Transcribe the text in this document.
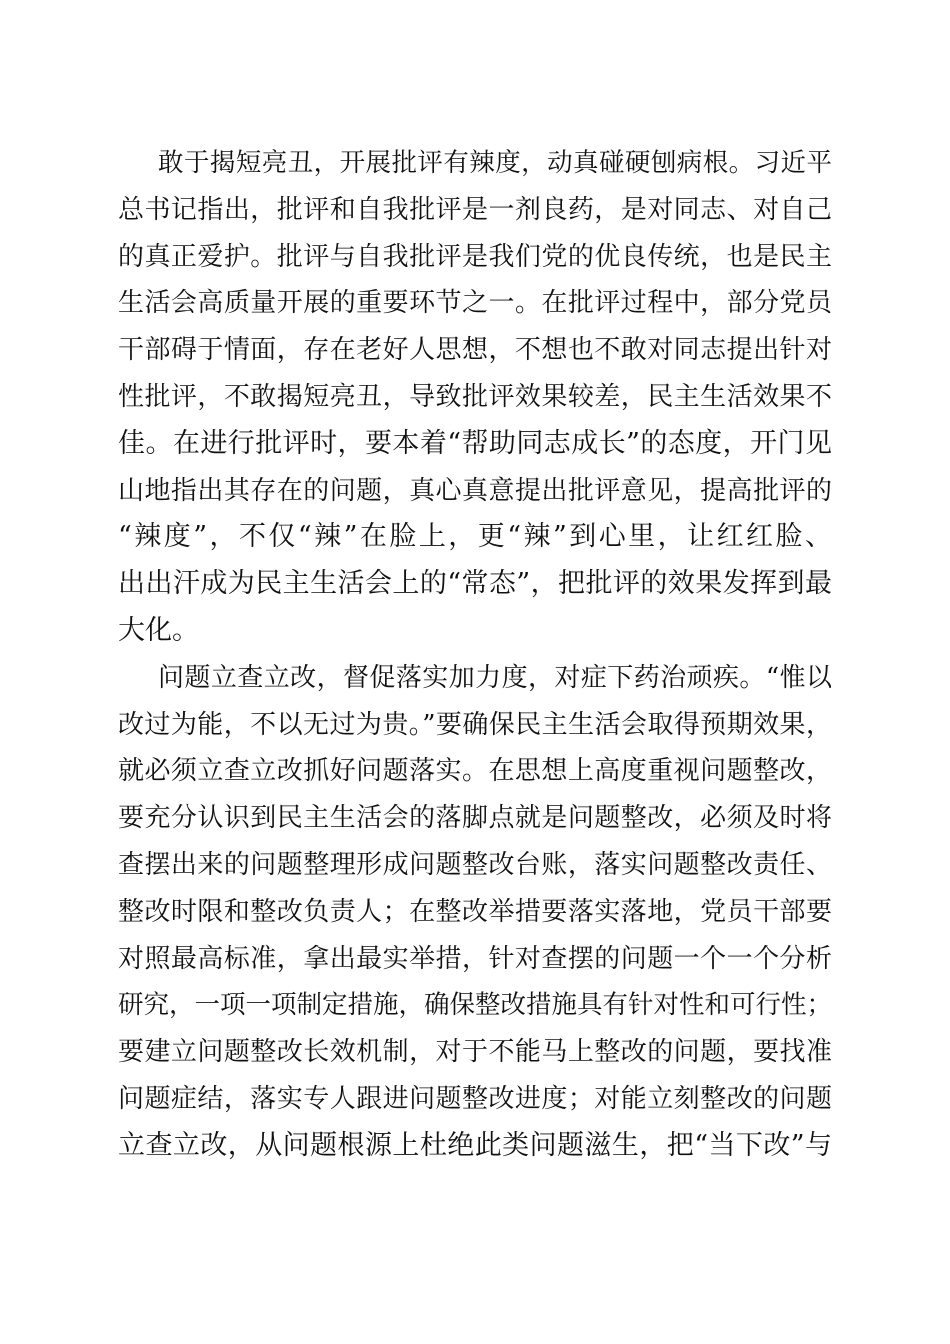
敢于揭短亮丑，开展批评有辣度，动真碰硬刨病根。习近平
总书记指出，批评和自我批评是一剂良药，是对同志、对自己
的真正爱护。批评与自我批评是我们党的优良传统，也是民主
生活会高质量开展的重要环节之一。在批评过程中，部分党员
干部碍于情面，存在老好人思想，不想也不敢对同志提出针对
性批评，不敢揭短亮丑，导致批评效果较差，民主生活效果不
佳。在进行批评时，要本着“帮助同志成长”的态度，开门见
山地指出其存在的问题，真心真意提出批评意见，提高批评的
“辣度”，不仅“辣”在脸上，更“辣”到心里，让红红脸、
出出汗成为民主生活会上的“常态”，把批评的效果发挥到最
大化。
问题立查立改，督促落实加力度，对症下药治顽疾。“惟以
改过为能，不以无过为贵。”要确保民主生活会取得预期效果，
就必须立查立改抓好问题落实。在思想上高度重视问题整改，
要充分认识到民主生活会的落脚点就是问题整改，必须及时将
查摆出来的问题整理形成问题整改台账，落实问题整改责任、
整改时限和整改负责人；在整改举措要落实落地，党员干部要
对照最高标准，拿出最实举措，针对查摆的问题一个一个分析
研究，一项一项制定措施，确保整改措施具有针对性和可行性；
要建立问题整改长效机制，对于不能马上整改的问题，要找准
问题症结，落实专人跟进问题整改进度；对能立刻整改的问题
立查立改，从问题根源上杜绝此类问题滋生，把“当下改”与
